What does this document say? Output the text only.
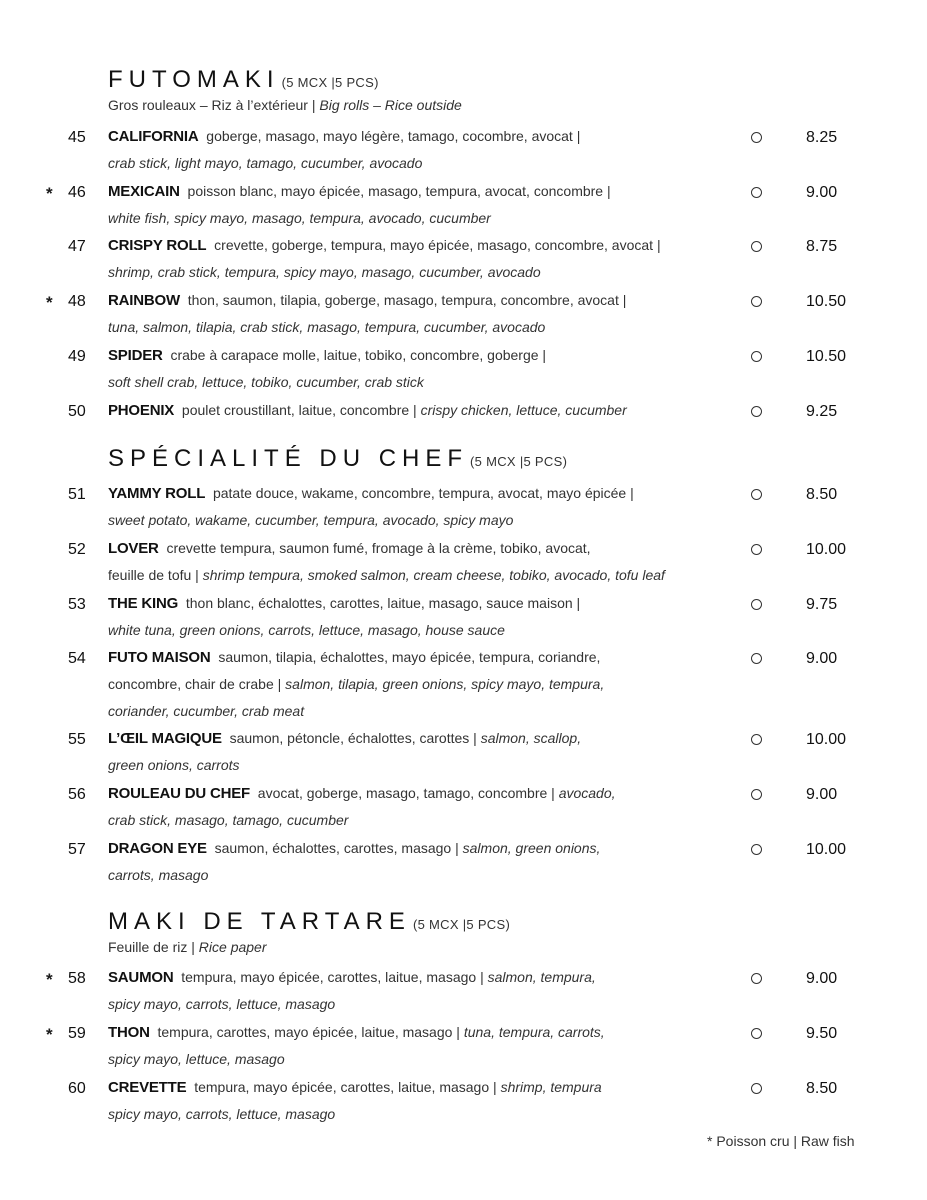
FUTOMAKI (5 MCX |5 PCS)
Gros rouleaux – Riz à l’extérieur | Big rolls – Rice outside
45 CALIFORNIA goberge, masago, mayo légère, tamago, cocombre, avocat |
crab stick, light mayo, tamago, cucumber, avocado
8.25
* 46 MEXICAIN poisson blanc, mayo épicée, masago, tempura, avocat, concombre |
white fish, spicy mayo, masago, tempura, avocado, cucumber
9.00
47 CRISPY ROLL crevette, goberge, tempura, mayo épicée, masago, concombre, avocat |
shrimp, crab stick, tempura, spicy mayo, masago, cucumber, avocado
8.75
* 48 RAINBOW thon, saumon, tilapia, goberge, masago, tempura, concombre, avocat |
tuna, salmon, tilapia, crab stick, masago, tempura, cucumber, avocado
10.50
49 SPIDER crabe à carapace molle, laitue, tobiko, concombre, goberge |
soft shell crab, lettuce, tobiko, cucumber, crab stick
10.50
50 PHOENIX poulet croustillant, laitue, concombre | crispy chicken, lettuce, cucumber	9.25
SPÉCIALITÉ DU CHEF (5 MCX |5 PCS)
51 YAMMY ROLL patate douce, wakame, concombre, tempura, avocat, mayo épicée |
sweet potato, wakame, cucumber, tempura, avocado, spicy mayo
8.50
52 LOVER crevette tempura, saumon fumé, fromage à la crème, tobiko, avocat,
feuille de tofu | shrimp tempura, smoked salmon, cream cheese, tobiko, avocado, tofu leaf
10.00
53 THE KING thon blanc, échalottes, carottes, laitue, masago, sauce maison |
white tuna, green onions, carrots, lettuce, masago, house sauce
9.75
54 FUTO MAISON saumon, tilapia, échalottes, mayo épicée, tempura, coriandre,
concombre, chair de crabe | salmon, tilapia, green onions, spicy mayo, tempura,
coriander, cucumber, crab meat
9.00
55 L’ŒIL MAGIQUE saumon, pétoncle, échalottes, carottes | salmon, scallop,
green onions, carrots
10.00
56 ROULEAU DU CHEF avocat, goberge, masago, tamago, concombre | avocado,
crab stick, masago, tamago, cucumber
9.00
57 DRAGON EYE saumon, échalottes, carottes, masago | salmon, green onions,
carrots, masago
10.00
MAKI DE TARTARE (5 MCX |5 PCS)
Feuille de riz | Rice paper
* 58 SAUMON tempura, mayo épicée, carottes, laitue, masago | salmon, tempura,
spicy mayo, carrots, lettuce, masago
9.00
* 59 THON tempura, carottes, mayo épicée, laitue, masago | tuna, tempura, carrots,
spicy mayo, lettuce, masago
9.50
60 CREVETTE tempura, mayo épicée, carottes, laitue, masago | shrimp, tempura
spicy mayo, carrots, lettuce, masago
8.50
* Poisson cru | Raw fish
